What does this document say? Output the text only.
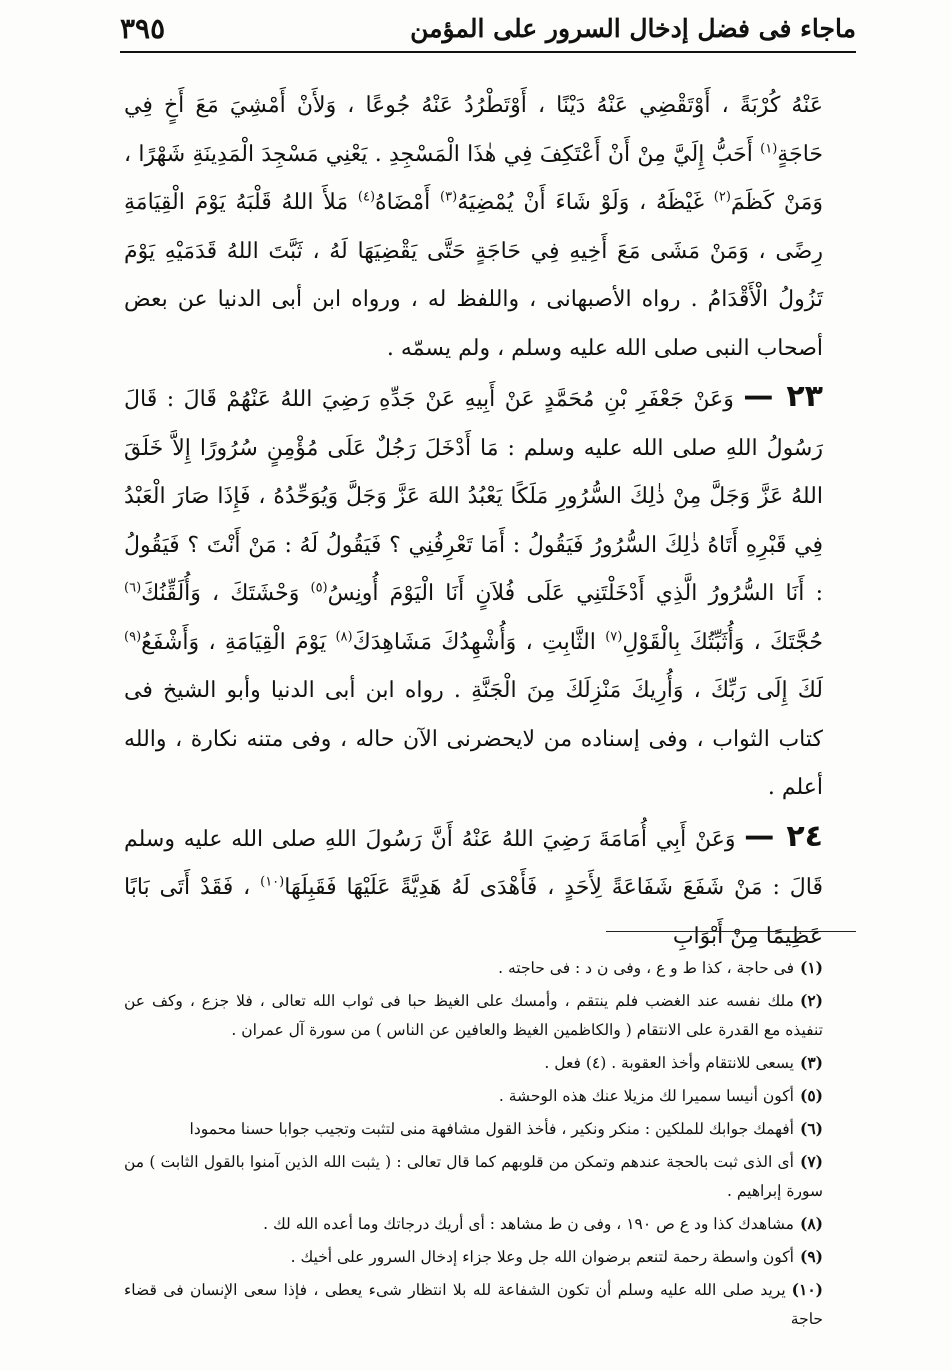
ماجاء فى فضل إدخال السرور على المؤمن
٣٩٥

عَنْهُ كُرْبَةً ، أَوْتَقْضِي عَنْهُ دَيْنًا ، أَوْتَطْرُدُ عَنْهُ جُوعًا ، وَلأَنْ أَمْشِيَ مَعَ أَخٍ فِي حَاجَةٍ$^{(١)}$ أَحَبُّ إِلَيَّ مِنْ أَنْ أَعْتَكِفَ فِي هٰذَا الْمَسْجِدِ . يَعْنِي مَسْجِدَ الْمَدِينَةِ شَهْرًا ، وَمَنْ كَظَمَ$^{(٢)}$ غَيْظَهُ ، وَلَوْ شَاءَ أَنْ يُمْضِيَهُ$^{(٣)}$ أَمْضَاهُ$^{(٤)}$ مَلأَ اللهُ قَلْبَهُ يَوْمَ الْقِيَامَةِ رِضًى ، وَمَنْ مَشَى مَعَ أَخِيهِ فِي حَاجَةٍ حَتَّى يَقْضِيَهَا لَهُ ، ثَبَّتَ اللهُ قَدَمَيْهِ يَوْمَ تَزُولُ الْأَقْدَامُ . رواه الأصبهانى ، واللفظ له ، ورواه ابن أبى الدنيا عن بعض أصحاب النبى صلى الله عليه وسلم ، ولم يسمّه .

٢٣ — وَعَنْ جَعْفَرِ بْنِ مُحَمَّدٍ عَنْ أَبِيهِ عَنْ جَدِّهِ رَضِيَ اللهُ عَنْهُمْ قَالَ : قَالَ رَسُولُ اللهِ صلى الله عليه وسلم : مَا أَدْخَلَ رَجُلٌ عَلَى مُؤْمِنٍ سُرُورًا إِلاَّ خَلَقَ اللهُ عَزَّ وَجَلَّ مِنْ ذٰلِكَ السُّرُورِ مَلَكًا يَعْبُدُ اللهَ عَزَّ وَجَلَّ وَيُوَحِّدُهُ ، فَإِذَا صَارَ الْعَبْدُ فِي قَبْرِهِ أَتَاهُ ذٰلِكَ السُّرُورُ فَيَقُولُ : أَمَا تَعْرِفُنِي ؟ فَيَقُولُ لَهُ : مَنْ أَنْتَ ؟ فَيَقُولُ : أَنَا السُّرُورُ الَّذِي أَدْخَلْتَنِي عَلَى فُلاَنٍ أَنَا الْيَوْمَ أُونِسُ$^{(٥)}$ وَحْشَتَكَ ، وَأُلَقِّنُكَ$^{(٦)}$ حُجَّتَكَ ، وَأُثَبِّتُكَ بِالْقَوْلِ$^{(٧)}$ الثَّابِتِ ، وَأُشْهِدُكَ مَشَاهِدَكَ$^{(٨)}$ يَوْمَ الْقِيَامَةِ ، وَأَشْفَعُ$^{(٩)}$ لَكَ إِلَى رَبِّكَ ، وَأُرِيكَ مَنْزِلَكَ مِنَ الْجَنَّةِ . رواه ابن أبى الدنيا وأبو الشيخ فى كتاب الثواب ، وفى إسناده من لايحضرنى الآن حاله ، وفى متنه نكارة ، والله أعلم .

٢٤ — وَعَنْ أَبِي أُمَامَةَ رَضِيَ اللهُ عَنْهُ أَنَّ رَسُولَ اللهِ صلى الله عليه وسلم قَالَ : مَنْ شَفَعَ شَفَاعَةً لِأَحَدٍ ، فَأَهْدَى لَهُ هَدِيَّةً عَلَيْهَا فَقَبِلَهَا$^{(١٠)}$ ، فَقَدْ أَتَى بَابًا عَظِيمًا مِنْ أَبْوَابِ

(١)فى حاجة ، كذا ط و ع ، وفى ن د : فى حاجته .

(٢)ملك نفسه عند الغضب فلم ينتقم ، وأمسك على الغيظ حبا فى ثواب الله تعالى ، فلا جزع ، وكف عن تنفيذه مع القدرة على الانتقام ( والكاظمين الغيظ والعافين عن الناس ) من سورة آل عمران .

(٣)يسعى للانتقام وأخذ العقوبة . (٤) فعل .

(٥)أكون أنيسا سميرا لك مزيلا عنك هذه الوحشة .

(٦)أفهمك جوابك للملكين : منكر ونكير ، فأخذ القول مشافهة منى لتثبت وتجيب جوابا حسنا محمودا

(٧)أى الذى ثبت بالحجة عندهم وتمكن من قلوبهم كما قال تعالى : ( يثبت الله الذين آمنوا بالقول الثابت ) من سورة إبراهيم .

(٨)مشاهدك كذا ود ع ص ١٩٠ ، وفى ن ط مشاهد : أى أريك درجاتك وما أعده الله لك .

(٩)أكون واسطة رحمة لتنعم برضوان الله جل وعلا جزاء إدخال السرور على أخيك .

(١٠)يريد صلى الله عليه وسلم أن تكون الشفاعة لله بلا انتظار شىء يعطى ، فإذا سعى الإنسان فى قضاء حاجة
